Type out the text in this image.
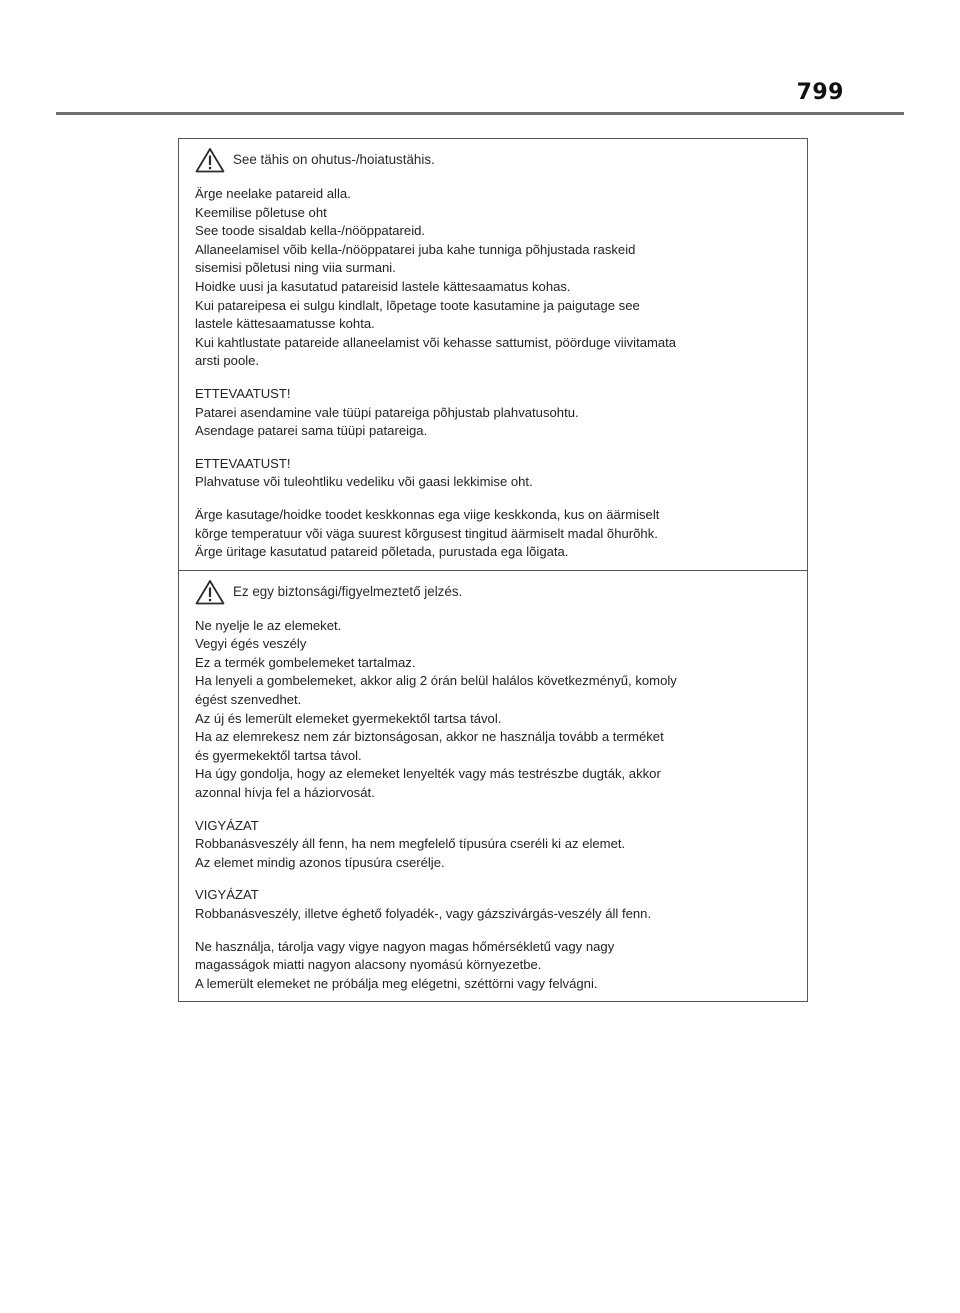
799
See tähis on ohutus-/hoiatustähis.
Ärge neelake patareid alla.
Keemilise põletuse oht
See toode sisaldab kella-/nööppatareid.
Allaneelamisel võib kella-/nööppatarei juba kahe tunniga põhjustada raskeid
sisemisi põletusi ning viia surmani.
Hoidke uusi ja kasutatud patareisid lastele kättesaamatus kohas.
Kui patareipesa ei sulgu kindlalt, lõpetage toote kasutamine ja paigutage see
lastele kättesaamatusse kohta.
Kui kahtlustate patareide allaneelamist või kehasse sattumist, pöörduge viivitamata
arsti poole.
ETTEVAATUST!
Patarei asendamine vale tüüpi patareiga põhjustab plahvatusohtu.
Asendage patarei sama tüüpi patareiga.
ETTEVAATUST!
Plahvatuse või tuleohtliku vedeliku või gaasi lekkimise oht.
Ärge kasutage/hoidke toodet keskkonnas ega viige keskkonda, kus on äärmiselt
kõrge temperatuur või väga suurest kõrgusest tingitud äärmiselt madal õhurõhk.
Ärge üritage kasutatud patareid põletada, purustada ega lõigata.
Ez egy biztonsági/figyelmeztető jelzés.
Ne nyelje le az elemeket.
Vegyi égés veszély
Ez a termék gombelemeket tartalmaz.
Ha lenyeli a gombelemeket, akkor alig 2 órán belül halálos következményű, komoly
égést szenvedhet.
Az új és lemerült elemeket gyermekektől tartsa távol.
Ha az elemrekesz nem zár biztonságosan, akkor ne használja tovább a terméket
és gyermekektől tartsa távol.
Ha úgy gondolja, hogy az elemeket lenyelték vagy más testrészbe dugták, akkor
azonnal hívja fel a háziorvosát.
VIGYÁZAT
Robbanásveszély áll fenn, ha nem megfelelő típusúra cseréli ki az elemet.
Az elemet mindig azonos típusúra cserélje.
VIGYÁZAT
Robbanásveszély, illetve éghető folyadék-, vagy gázszivárgás-veszély áll fenn.
Ne használja, tárolja vagy vigye nagyon magas hőmérsékletű vagy nagy
magasságok miatti nagyon alacsony nyomású környezetbe.
A lemerült elemeket ne próbálja meg elégetni, széttörni vagy felvágni.
